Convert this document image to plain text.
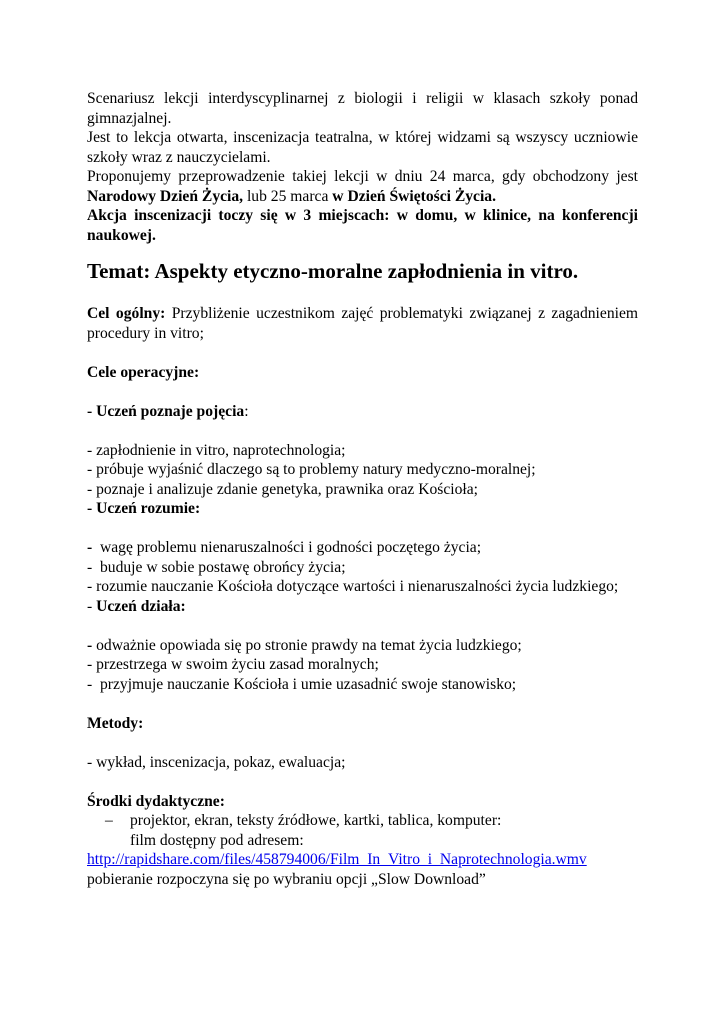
Scenariusz lekcji interdyscyplinarnej z biologii i religii w klasach szkoły ponad gimnazjalnej.

Jest to lekcja otwarta, inscenizacja teatralna, w której widzami są wszyscy uczniowie szkoły wraz z nauczycielami.

Proponujemy przeprowadzenie takiej lekcji w dniu 24 marca, gdy obchodzony jest Narodowy Dzień Życia, lub 25 marca w Dzień Świętości Życia.

Akcja inscenizacji toczy się w 3 miejscach: w domu, w klinice, na konferencji naukowej.

Temat: Aspekty etyczno-moralne zapłodnienia in vitro.

Cel ogólny: Przybliżenie uczestnikom zajęć problematyki związanej z zagadnieniem procedury in vitro;

Cele operacyjne:

- Uczeń poznaje pojęcia:

- zapłodnienie in vitro, naprotechnologia;

- próbuje wyjaśnić dlaczego są to problemy natury medyczno-moralnej;

- poznaje i analizuje zdanie genetyka, prawnika oraz Kościoła;

- Uczeń rozumie:

-  wagę problemu nienaruszalności i godności poczętego życia;

-  buduje w sobie postawę obrońcy życia;

- rozumie nauczanie Kościoła dotyczące wartości i nienaruszalności życia ludzkiego;

- Uczeń działa:

- odważnie opowiada się po stronie prawdy na temat życia ludzkiego;

- przestrzega w swoim życiu zasad moralnych;

-  przyjmuje nauczanie Kościoła i umie uzasadnić swoje stanowisko;

Metody:

- wykład, inscenizacja, pokaz, ewaluacja;

Środki dydaktyczne:

– projektor, ekran, teksty źródłowe, kartki, tablica, komputer:

film dostępny pod adresem:

http://rapidshare.com/files/458794006/Film_In_Vitro_i_Naprotechnologia.wmv

pobieranie rozpoczyna się po wybraniu opcji „Slow Download”
